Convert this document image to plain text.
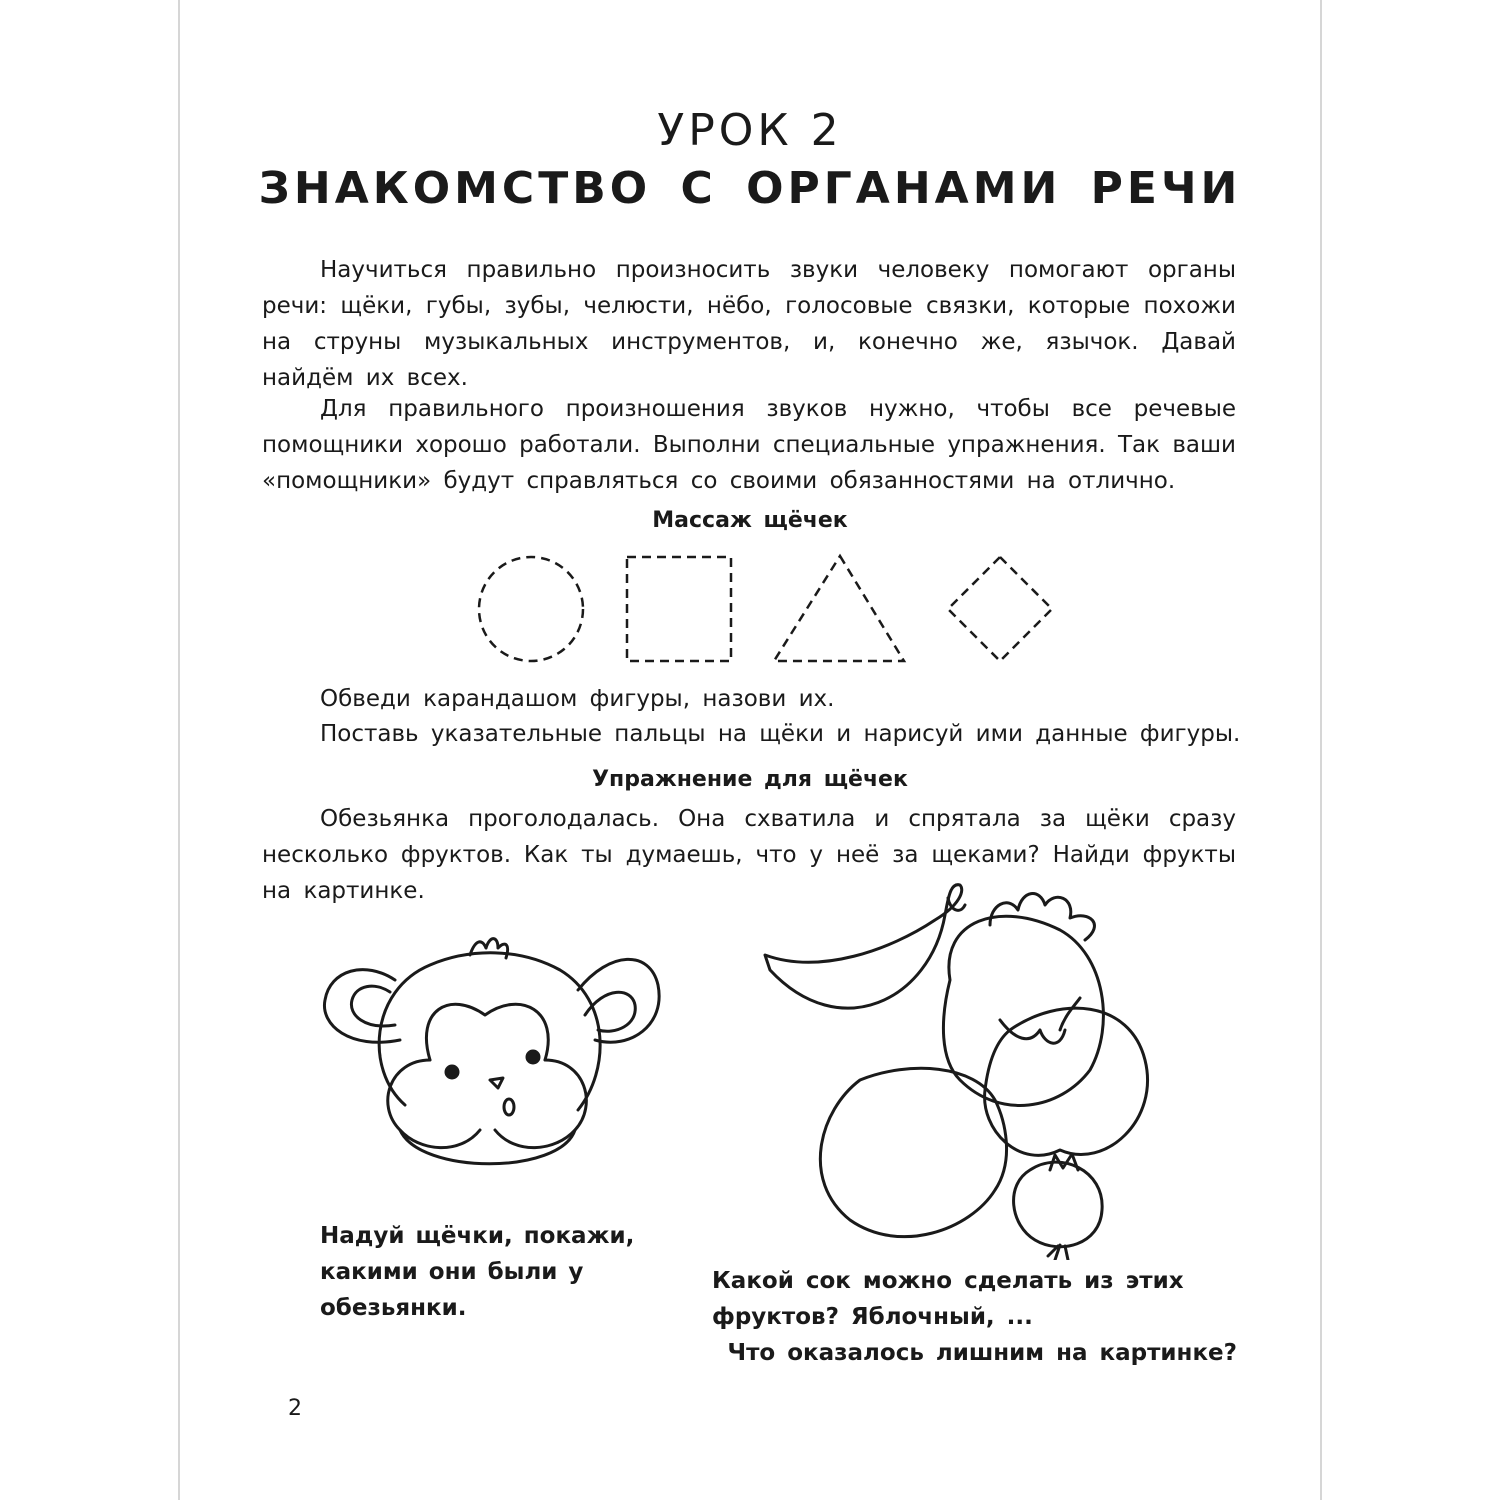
УРОК 2
ЗНАКОМСТВО С ОРГАНАМИ РЕЧИ

Научиться правильно произносить звуки человеку помогают органы речи: щёки, губы, зубы, челюсти, нёбо, голосовые связки, которые похожи на струны музыкальных инструментов, и, конечно же, язычок. Давай найдём их всех.

Для правильного произношения звуков нужно, чтобы все речевые помощники хорошо работали. Выполни специальные упражнения. Так ваши «помощники» будут справляться со своими обязанностями на отлично.

Массаж щёчек
Обведи карандашом фигуры, назови их.
Поставь указательные пальцы на щёки и нарисуй ими данные фигуры.
Упражнение для щёчек

Обезьянка проголодалась. Она схватила и спрятала за щёки сразу несколько фруктов. Как ты думаешь, что у неё за щеками? Найди фрукты на картинке.

Надуй щёчки, покажи, какими они были у обезьянки.

Какой сок можно сделать из этих фруктов? Яблочный, ...

Что оказалось лишним на картинке?

2
